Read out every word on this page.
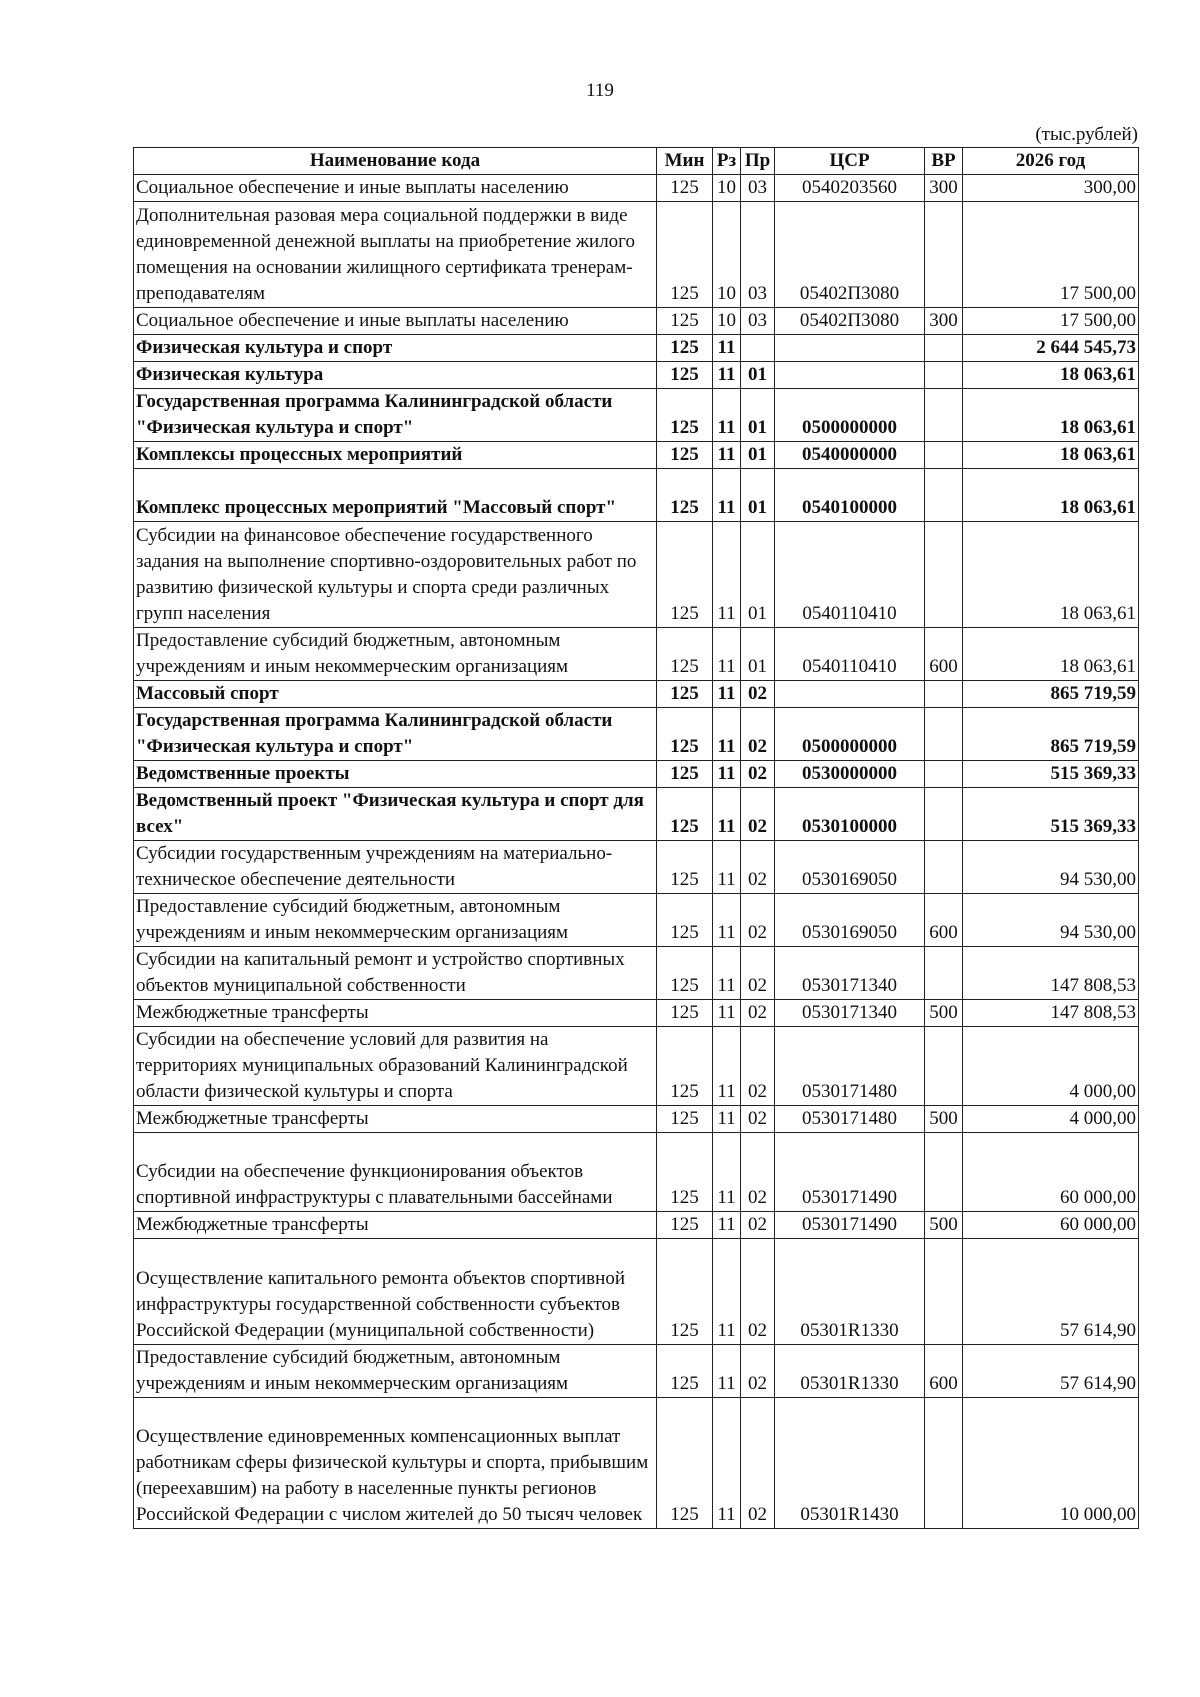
119
(тыс.рублей)
Наименование кода	Мин	Рз	Пр	ЦСР	ВР	2026 год
Социальное обеспечение и иные выплаты населению	125	10	03	0540203560	300	300,00
Дополнительная разовая мера социальной поддержки в виде единовременной денежной выплаты на приобретение жилого помещения на основании жилищного сертификата тренерам-преподавателям	125	10	03	05402П3080		17 500,00
Социальное обеспечение и иные выплаты населению	125	10	03	05402П3080	300	17 500,00
Физическая культура и спорт	125	11				2 644 545,73
Физическая культура	125	11	01			18 063,61
Государственная программа Калининградской области "Физическая культура и спорт"	125	11	01	0500000000		18 063,61
Комплексы процессных мероприятий	125	11	01	0540000000		18 063,61
Комплекс процессных мероприятий "Массовый спорт"	125	11	01	0540100000		18 063,61
Субсидии на финансовое обеспечение государственного задания на выполнение спортивно-оздоровительных работ по развитию физической культуры и спорта среди различных групп населения	125	11	01	0540110410		18 063,61
Предоставление субсидий бюджетным, автономным учреждениям и иным некоммерческим организациям	125	11	01	0540110410	600	18 063,61
Массовый спорт	125	11	02			865 719,59
Государственная программа Калининградской области "Физическая культура и спорт"	125	11	02	0500000000		865 719,59
Ведомственные проекты	125	11	02	0530000000		515 369,33
Ведомственный проект "Физическая культура и спорт для всех"	125	11	02	0530100000		515 369,33
Субсидии государственным учреждениям на материально-техническое обеспечение деятельности	125	11	02	0530169050		94 530,00
Предоставление субсидий бюджетным, автономным учреждениям и иным некоммерческим организациям	125	11	02	0530169050	600	94 530,00
Субсидии на капитальный ремонт и устройство спортивных объектов муниципальной собственности	125	11	02	0530171340		147 808,53
Межбюджетные трансферты	125	11	02	0530171340	500	147 808,53
Субсидии на обеспечение условий для развития на территориях муниципальных образований Калининградской области физической культуры и спорта	125	11	02	0530171480		4 000,00
Межбюджетные трансферты	125	11	02	0530171480	500	4 000,00
Субсидии на обеспечение функционирования объектов спортивной инфраструктуры с плавательными бассейнами	125	11	02	0530171490		60 000,00
Межбюджетные трансферты	125	11	02	0530171490	500	60 000,00
Осуществление капитального ремонта объектов спортивной инфраструктуры государственной собственности субъектов Российской Федерации (муниципальной собственности)	125	11	02	05301R1330		57 614,90
Предоставление субсидий бюджетным, автономным учреждениям и иным некоммерческим организациям	125	11	02	05301R1330	600	57 614,90
Осуществление единовременных компенсационных выплат работникам сферы физической культуры и спорта, прибывшим (переехавшим) на работу в населенные пункты регионов Российской Федерации с числом жителей до 50 тысяч человек	125	11	02	05301R1430		10 000,00
